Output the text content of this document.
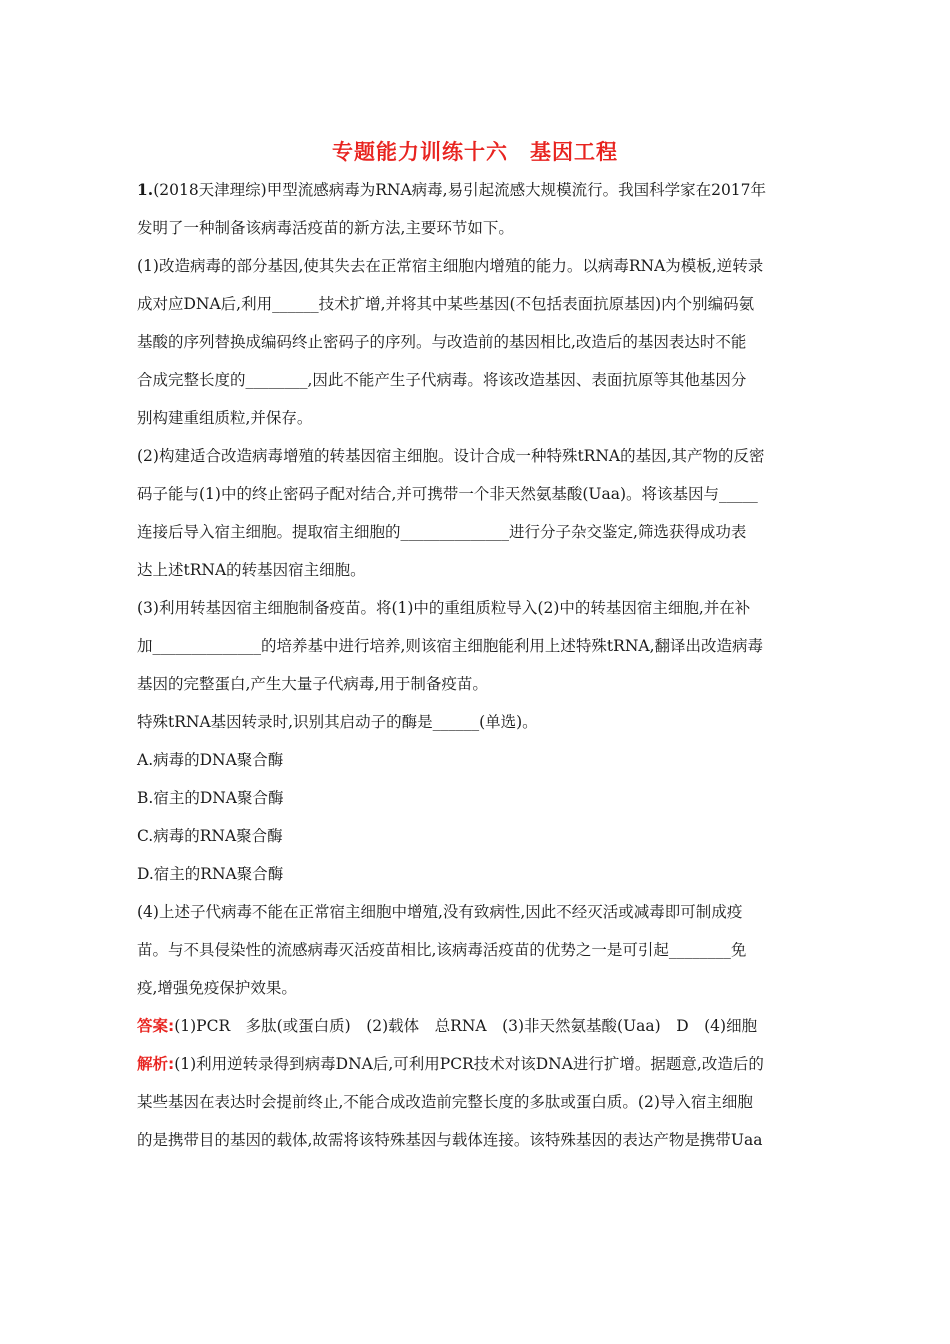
专题能力训练十六　基因工程
1.(2018天津理综)甲型流感病毒为RNA病毒,易引起流感大规模流行。我国科学家在2017年
发明了一种制备该病毒活疫苗的新方法,主要环节如下。
(1)改造病毒的部分基因,使其失去在正常宿主细胞内增殖的能力。以病毒RNA为模板,逆转录
成对应DNA后,利用______技术扩增,并将其中某些基因(不包括表面抗原基因)内个别编码氨
基酸的序列替换成编码终止密码子的序列。与改造前的基因相比,改造后的基因表达时不能
合成完整长度的________,因此不能产生子代病毒。将该改造基因、表面抗原等其他基因分
别构建重组质粒,并保存。
(2)构建适合改造病毒增殖的转基因宿主细胞。设计合成一种特殊tRNA的基因,其产物的反密
码子能与(1)中的终止密码子配对结合,并可携带一个非天然氨基酸(Uaa)。将该基因与_____
连接后导入宿主细胞。提取宿主细胞的______________进行分子杂交鉴定,筛选获得成功表
达上述tRNA的转基因宿主细胞。
(3)利用转基因宿主细胞制备疫苗。将(1)中的重组质粒导入(2)中的转基因宿主细胞,并在补
加______________的培养基中进行培养,则该宿主细胞能利用上述特殊tRNA,翻译出改造病毒
基因的完整蛋白,产生大量子代病毒,用于制备疫苗。
特殊tRNA基因转录时,识别其启动子的酶是______(单选)。
A.病毒的DNA聚合酶
B.宿主的DNA聚合酶
C.病毒的RNA聚合酶
D.宿主的RNA聚合酶
(4)上述子代病毒不能在正常宿主细胞中增殖,没有致病性,因此不经灭活或减毒即可制成疫
苗。与不具侵染性的流感病毒灭活疫苗相比,该病毒活疫苗的优势之一是可引起________免
疫,增强免疫保护效果。
答案:(1)PCR　多肽(或蛋白质)　(2)载体　总RNA　(3)非天然氨基酸(Uaa)　D　(4)细胞
解析:(1)利用逆转录得到病毒DNA后,可利用PCR技术对该DNA进行扩增。据题意,改造后的
某些基因在表达时会提前终止,不能合成改造前完整长度的多肽或蛋白质。(2)导入宿主细胞
的是携带目的基因的载体,故需将该特殊基因与载体连接。该特殊基因的表达产物是携带Uaa
